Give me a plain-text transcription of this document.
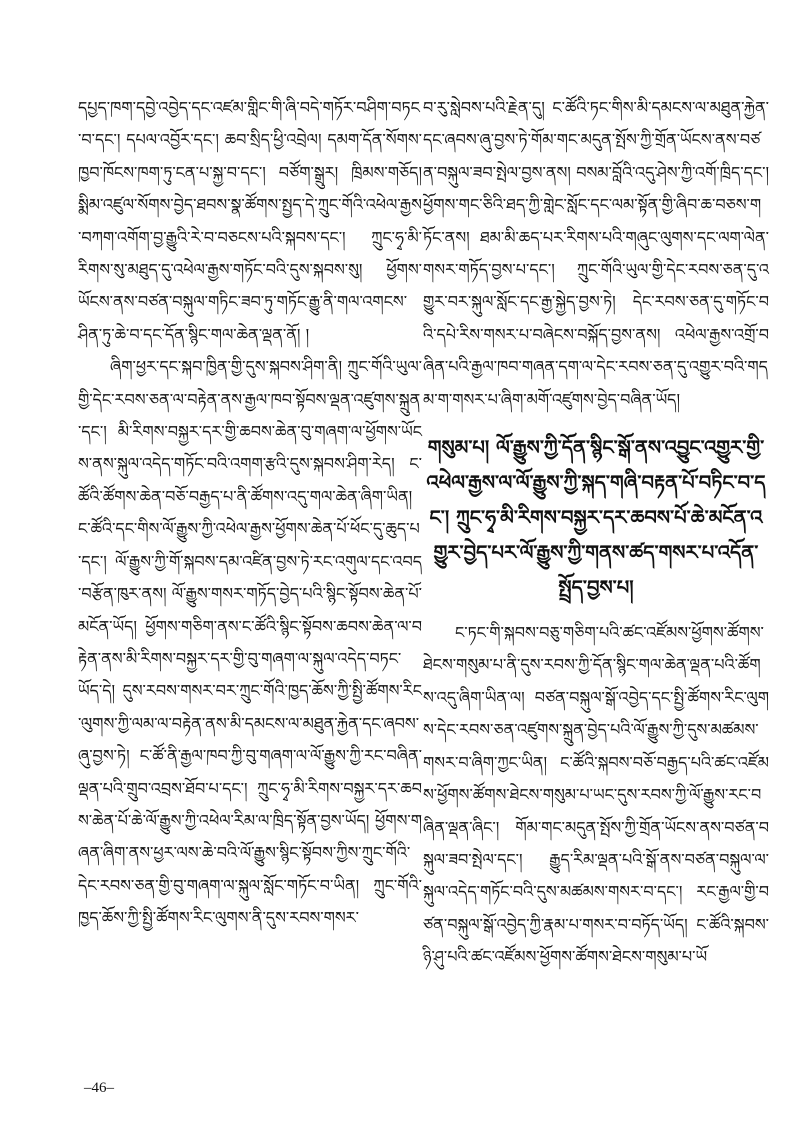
དཔྱད་ཁག་དབྱེ་འབྱེད་དང་འཛམ་གླིང་གི་ཞི་བདེ་གཏོར་བཤིག་བཏང་བ་དང་། དཔལ་འབྱོར་དང་། ཆབ་སྲིད་ཕྱི་འབྲེལ། དམག་དོན་སོགས་ཁྱབ་ཁོངས་ཁག་ཏུ་ངན་པ་སྐྱ་བ་དང་། བཙོག་སྒྲུར། ཁྲིམས་གཅོད། སྨིམ་འཛུལ་སོགས་བྱེད་ཐབས་སྣ་ཚོགས་སྤྱད་དེ་ཀྲུང་གོའི་འཕེལ་རྒྱས་བཀག་འགོག་བྱ་རྒྱུའི་རེ་བ་བཅངས་པའི་སྐབས་དང་། ཀྲུང་ཧྭ་མི་རིགས་སུ་མཐུད་དུ་འཕེལ་རྒྱས་གཏོང་བའི་དུས་སྐབས་སུ། ཕྱོགས་ཡོངས་ནས་བཙན་བསྐུལ་གཏིང་ཟབ་ཏུ་གཏོང་རྒྱུ་ནི་གལ་འགངས་ཤིན་ཏུ་ཆེ་བ་དང་དོན་སྙིང་གལ་ཆེན་ལྡན་ནོ། །

ཞིག་ཕྱར་དང་སྐབ་ཁྱིན་གྱི་དུས་སྐབས་ཤིག་ནི། ཀྲུང་གོའི་ཡུལ་གྱི་དེང་རབས་ཅན་ལ་བརྟེན་ནས་རྒྱལ་ཁབ་སྟོབས་ལྡན་འཛུགས་སྐྲུན་དང་། མི་རིགས་བསྐྱར་དར་གྱི་ཆབས་ཆེན་བུ་གཞག་ལ་ཕྱོགས་ཡོངས་ནས་སྐུལ་འདེད་གཏོང་བའི་འགག་རྩའི་དུས་སྐབས་ཤིག་རེད། ང་ཚོའི་ཚོགས་ཆེན་བཅོ་བརྒྱད་པ་ནི་ཚོགས་འདུ་གལ་ཆེན་ཞིག་ཡིན། ང་ཚོའི་དང་གིས་ལོ་རྒྱུས་ཀྱི་འཕེལ་རྒྱས་ཕྱོགས་ཆེན་པོ་ཕོང་དུ་ཆུད་པ་དང་། ལོ་རྒྱུས་ཀྱི་གོ་སྐབས་དམ་འཛིན་བྱས་ཏེ་རང་འགུལ་དང་འབད་བརྩོན་ཁུར་ནས། ལོ་རྒྱུས་གསར་གཏོད་བྱེད་པའི་སྙིང་སྟོབས་ཆེན་པོ་མངོན་ཡོད། ཕྱོགས་གཅིག་ནས་ང་ཚོའི་སྙིང་སྟོབས་ཆབས་ཆེན་ལ་བརྟེན་ནས་མི་རིགས་བསྐྱར་དར་གྱི་བུ་གཞག་ལ་སྐུལ་འདེད་བཏང་ཡོད་དེ། དུས་རབས་གསར་བར་ཀྲུང་གོའི་ཁྱད་ཆོས་ཀྱི་སྤྱི་ཚོགས་རིང་ལུགས་ཀྱི་ལམ་ལ་བརྟེན་ནས་མི་དམངས་ལ་མཐུན་རྐྱེན་དང་ཞབས་ཞུ་བྱས་ཏེ། ང་ཚོ་ནི་རྒྱལ་ཁབ་ཀྱི་བུ་གཞག་ལ་ལོ་རྒྱུས་ཀྱི་རང་བཞིན་ལྡན་པའི་གྲུབ་འབྲས་ཐོབ་པ་དང་། ཀྲུང་ཧྭ་མི་རིགས་བསྐྱར་དར་ཆབས་ཆེན་པོ་ཆེ་ལོ་རྒྱུས་ཀྱི་འཕེལ་རིམ་ལ་ཁྲིད་སྟོན་བྱས་ཡོད། ཕྱོགས་གཞན་ཞིག་ནས་ཕྱར་ལས་ཆེ་བའི་ལོ་རྒྱུས་སྙིང་སྟོབས་ཀྱིས་ཀྲུང་གོའི་དེང་རབས་ཅན་གྱི་བུ་གཞག་ལ་སྐུལ་སློང་གཏོང་བ་ཡིན། ཀྲུང་གོའི་ཁྱད་ཆོས་ཀྱི་སྤྱི་ཚོགས་རིང་ལུགས་ནི་དུས་རབས་གསར་

བ་རུ་སླེབས་པའི་རྗེན་དུ། ང་ཚོའི་ཏང་གིས་མི་དམངས་ལ་མཐུན་རྐྱེན་དང་ཞབས་ཞུ་བྱས་ཏེ་གོམ་གང་མདུན་སྤོས་ཀྱི་གྲོན་ཡོངས་ནས་བཙན་བསྐུལ་ཟབ་སྤེལ་བྱས་ནས། བསམ་བློའི་འདུ་ཤེས་ཀྱི་འགོ་ཁྲིད་དང་། ཕྱོགས་གང་ཅིའི་ཐད་ཀྱི་གླེང་སློང་དང་ལམ་སྟོན་གྱི་ཞིབ་ཆ་བཅས་གཏོང་ནས། ཐམ་མི་ཆད་པར་རིགས་པའི་གཞུང་ལུགས་དང་ལག་ལེན་གསར་གཏོད་བྱས་པ་དང་། ཀྲུང་གོའི་ཡུལ་གྱི་དེང་རབས་ཅན་དུ་འགྱུར་བར་སྐུལ་སློང་དང་རྒྱ་སྐྱེད་བྱས་ཏེ། དེང་རབས་ཅན་དུ་གཏོང་བའི་དཔེ་རིས་གསར་པ་བཞེངས་བསྐོད་བྱས་ནས། འཕེལ་རྒྱས་འགྲོ་བཞིན་པའི་རྒྱལ་ཁབ་གཞན་དག་ལ་དེང་རབས་ཅན་དུ་འགྱུར་བའི་གདམ་ག་གསར་པ་ཞིག་མགོ་འཛུགས་བྱེད་བཞིན་ཡོད།

གསུམ་པ། ལོ་རྒྱུས་ཀྱི་དོན་སྙིང་སྒོ་ནས་འབྱུང་འགྱུར་གྱི་འཕེལ་རྒྱས་ལ་ལོ་རྒྱུས་ཀྱི་སྐད་གཞི་བརྟན་པོ་བཏིང་བ་དང་། ཀྲུང་ཧྭ་མི་རིགས་བསྐྱར་དར་ཆབས་པོ་ཆེ་མངོན་འགྱུར་བྱེད་པར་ལོ་རྒྱུས་ཀྱི་གནས་ཚད་གསར་པ་འདོན་སྤྲོད་བྱས་པ།

ང་ཏང་གི་སྐབས་བཅུ་གཅིག་པའི་ཚང་འཛོམས་ཕྱོགས་ཚོགས་ཐེངས་གསུམ་པ་ནི་དུས་རབས་ཀྱི་དོན་སྙིང་གལ་ཆེན་ལྡན་པའི་ཚོགས་འདུ་ཞིག་ཡིན་ལ། བཙན་བསྐུལ་སྒོ་འབྱེད་དང་སྤྱི་ཚོགས་རིང་ལུགས་དེང་རབས་ཅན་འཛུགས་སྐྲུན་བྱེད་པའི་ལོ་རྒྱུས་ཀྱི་དུས་མཚམས་གསར་བ་ཞིག་ཀྱང་ཡིན། ང་ཚོའི་སྐབས་བཅོ་བརྒྱད་པའི་ཚང་འཛོམས་ཕྱོགས་ཚོགས་ཐེངས་གསུམ་པ་ཡང་དུས་རབས་ཀྱི་ལོ་རྒྱུས་རང་བཞིན་ལྡན་ཞིང་། གོམ་གང་མདུན་སྤོས་ཀྱི་གྲོན་ཡོངས་ནས་བཙན་བསྐུལ་ཟབ་སྤེལ་དང་། རྒྱུད་རིམ་ལྡན་པའི་སྒོ་ནས་བཙན་བསྐུལ་ལ་སྐུལ་འདེད་གཏོང་བའི་དུས་མཚམས་གསར་བ་དང་། རང་རྒྱལ་གྱི་བཙན་བསྐུལ་སྒོ་འབྱེད་ཀྱི་རྣམ་པ་གསར་བ་བཏོད་ཡོད། ང་ཚོའི་སྐབས་ཉི་ཤུ་པའི་ཚང་འཛོམས་ཕྱོགས་ཚོགས་ཐེངས་གསུམ་པ་ཡོ

–46–
